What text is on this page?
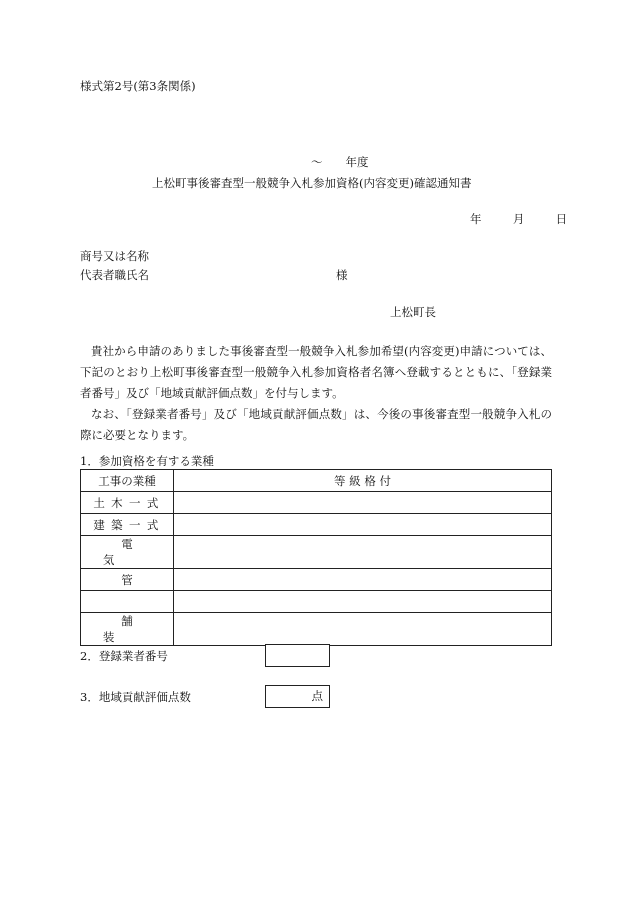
様式第2号(第3条関係)
～　　年度
上松町事後審査型一般競争入札参加資格(内容変更)確認通知書
年	月	日
商号又は名称
代表者職氏名	様
上松町長
貴社から申請のありました事後審査型一般競争入札参加希望(内容変更)申請については、下記のとおり上松町事後審査型一般競争入札参加資格者名簿へ登載するとともに、「登録業者番号」及び「地域貢献評価点数」を付与します。
なお、「登録業者番号」及び「地域貢献評価点数」は、今後の事後審査型一般競争入札の際に必要となります。
1．参加資格を有する業種
工事の業種	等 級 格 付
土木一式	
建築一式	
電気	
管	

舗装	
2．登録業者番号
3．地域貢献評価点数	点
